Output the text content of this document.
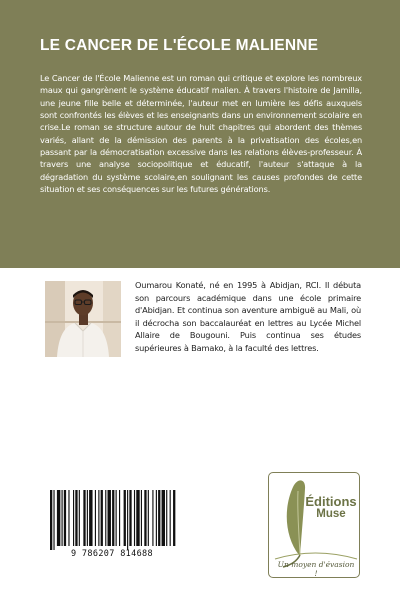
LE CANCER DE L'ÉCOLE MALIENNE

Le Cancer de l'École Malienne est un roman qui critique et explore les nombreux maux qui gangrènent le système éducatif malien. À travers l'histoire de Jamilla, une jeune fille belle et déterminée, l'auteur met en lumière les défis auxquels sont confrontés les élèves et les enseignants dans un environnement scolaire en crise.Le roman se structure autour de huit chapitres qui abordent des thèmes variés, allant de la démission des parents à la privatisation des écoles,en passant par la démocratisation excessive dans les relations élèves-professeur. À travers une analyse sociopolitique et éducatif, l'auteur s'attaque à la dégradation du système scolaire,en soulignant les causes profondes de cette situation et ses conséquences sur les futures générations.

Oumarou Konaté, né en 1995 à Abidjan, RCI. Il débuta son parcours académique dans une école primaire d'Abidjan. Et continua son aventure ambiguë au Mali, où il décrocha son baccalauréat en lettres au Lycée Michel Allaire de Bougouni. Puis continua ses études supérieures à Bamako, à la faculté des lettres.

9 786207 814688
Éditions
Muse
Un moyen d'évasion !
